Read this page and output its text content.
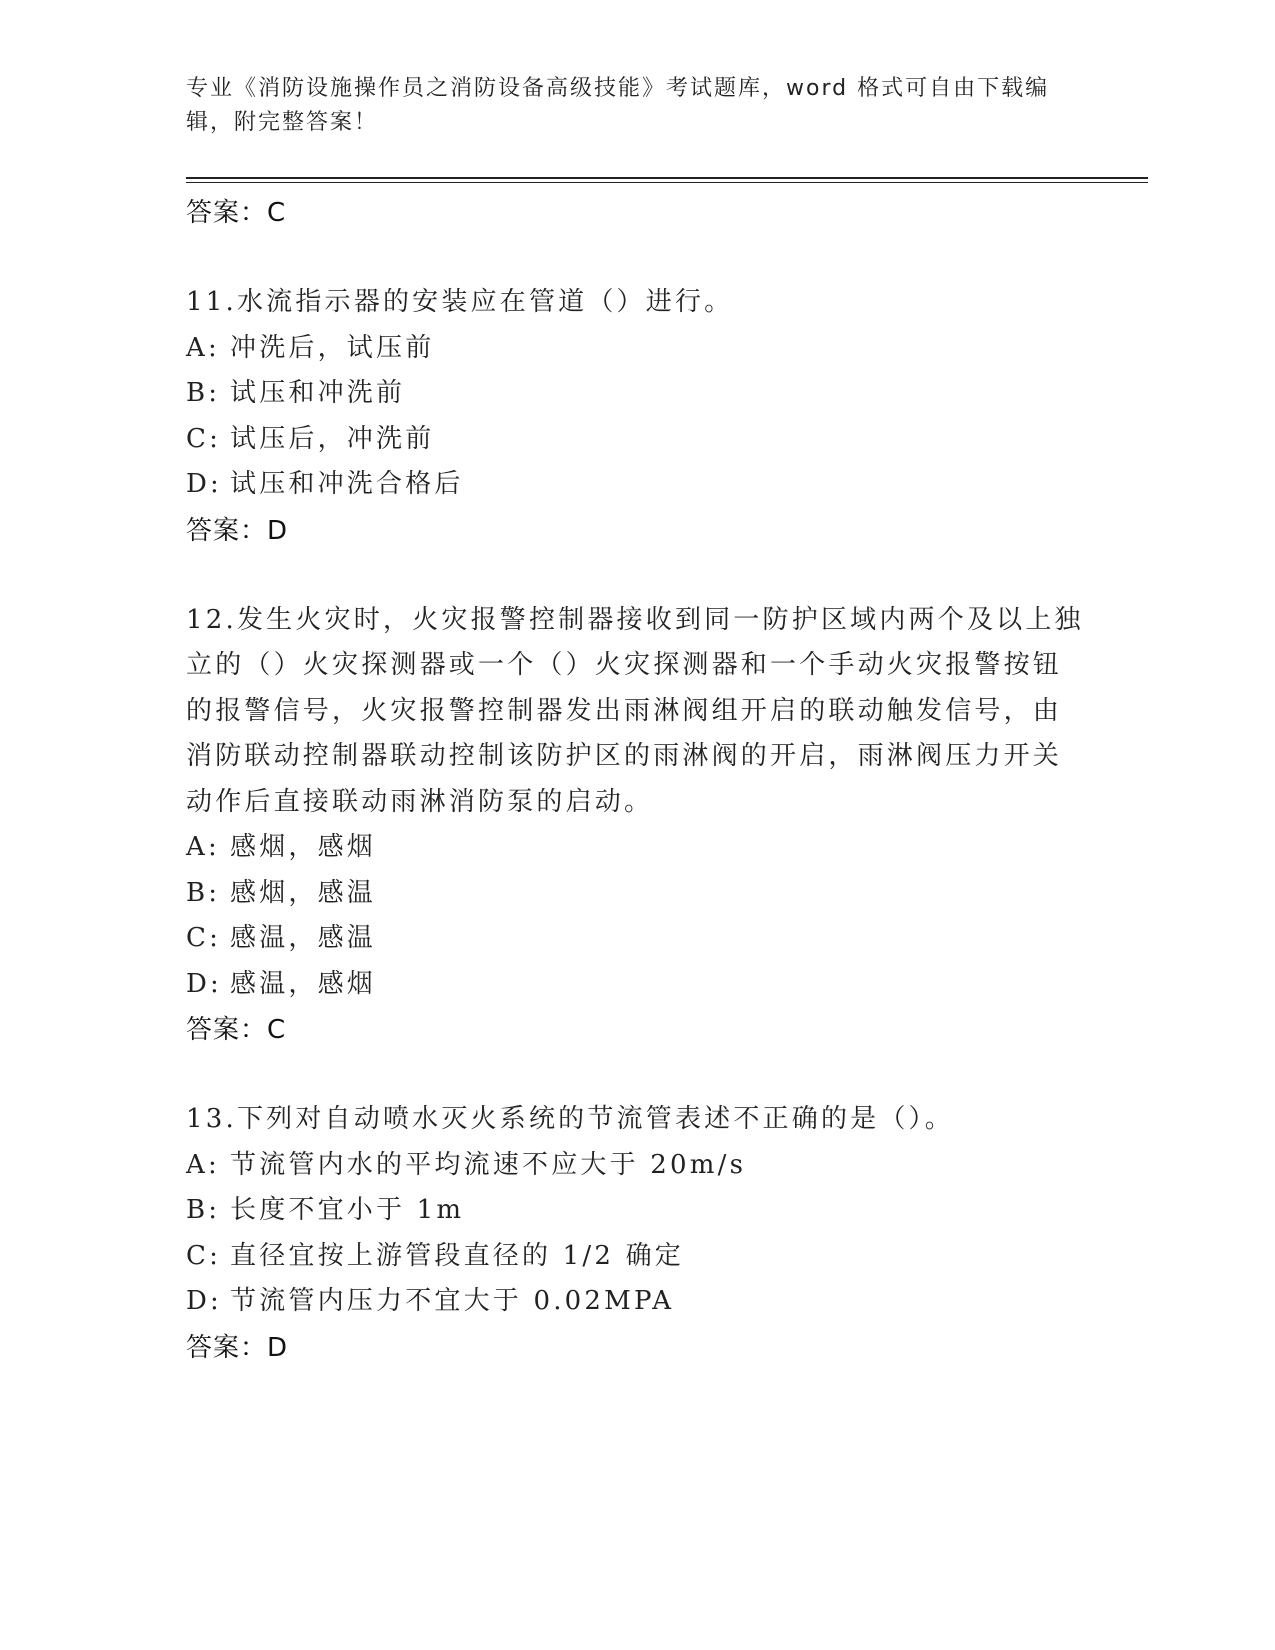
专业《消防设施操作员之消防设备高级技能》考试题库，word 格式可自由下载编辑，附完整答案！
答案：C
11.水流指示器的安装应在管道（）进行。
A: 冲洗后，试压前
B: 试压和冲洗前
C: 试压后，冲洗前
D: 试压和冲洗合格后
答案：D
12.发生火灾时，火灾报警控制器接收到同一防护区域内两个及以上独立的（）火灾探测器或一个（）火灾探测器和一个手动火灾报警按钮的报警信号，火灾报警控制器发出雨淋阀组开启的联动触发信号，由消防联动控制器联动控制该防护区的雨淋阀的开启，雨淋阀压力开关动作后直接联动雨淋消防泵的启动。
A: 感烟，感烟
B: 感烟，感温
C: 感温，感温
D: 感温，感烟
答案：C
13.下列对自动喷水灭火系统的节流管表述不正确的是（）。
A: 节流管内水的平均流速不应大于 20m/s
B: 长度不宜小于 1m
C: 直径宜按上游管段直径的 1/2 确定
D: 节流管内压力不宜大于 0.02MPA
答案：D
